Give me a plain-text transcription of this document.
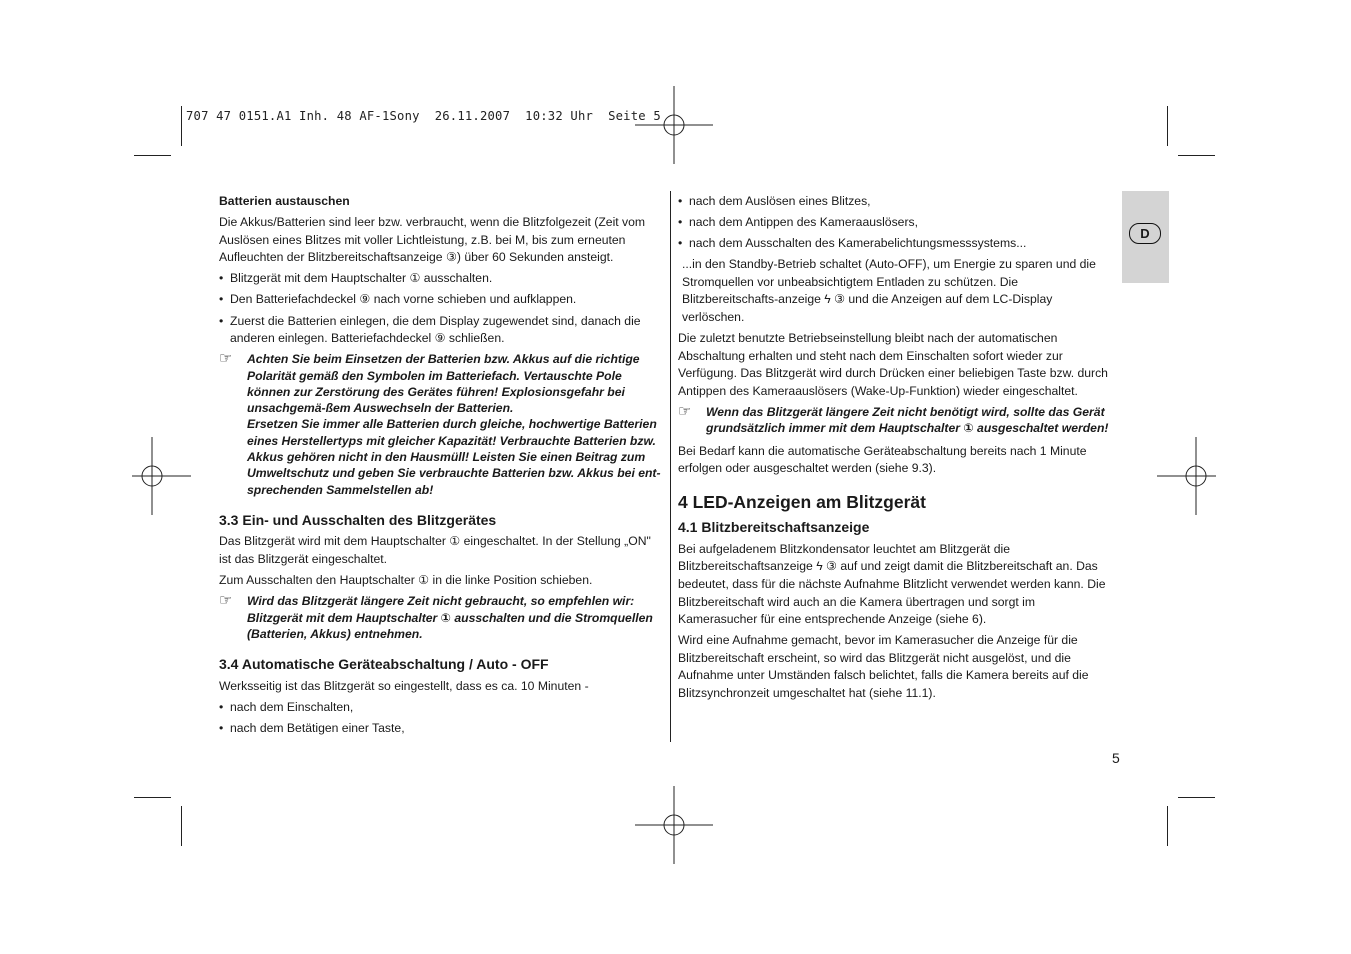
707 47 0151.A1 Inh. 48 AF-1Sony  26.11.2007  10:32 Uhr  Seite 5
D

Batterien austauschen

Die Akkus/Batterien sind leer bzw. verbraucht, wenn die Blitzfolgezeit (Zeit vom Auslösen eines Blitzes mit voller Lichtleistung, z.B. bei M, bis zum erneuten Aufleuchten der Blitzbereitschaftsanzeige ③) über 60 Sekunden ansteigt.

• Blitzgerät mit dem Hauptschalter ① ausschalten.
• Den Batteriefachdeckel ⑨ nach vorne schieben und aufklappen.
• Zuerst die Batterien einlegen, die dem Display zugewendet sind, danach die anderen einlegen. Batteriefachdeckel ⑨ schließen.
☞	Achten Sie beim Einsetzen der Batterien bzw. Akkus auf die richtige Polarität gemäß den Symbolen im Batteriefach. Vertauschte Pole können zur Zerstörung des Gerätes führen! Explosionsgefahr bei unsachgemä-ßem Auswechseln der Batterien.

Ersetzen Sie immer alle Batterien durch gleiche, hochwertige Batterien eines Herstellertyps mit gleicher Kapazität! Verbrauchte Batterien bzw. Akkus gehören nicht in den Hausmüll! Leisten Sie einen Beitrag zum Umweltschutz und geben Sie verbrauchte Batterien bzw. Akkus bei ent-sprechenden Sammelstellen ab!

3.3 Ein- und Ausschalten des Blitzgerätes

Das Blitzgerät wird mit dem Hauptschalter ① eingeschaltet. In der Stellung „ON" ist das Blitzgerät eingeschaltet.

Zum Ausschalten den Hauptschalter ① in die linke Position schieben.

☞	Wird das Blitzgerät längere Zeit nicht gebraucht, so empfehlen wir: Blitzgerät mit dem Hauptschalter ① ausschalten und die Stromquellen (Batterien, Akkus) entnehmen.

3.4 Automatische Geräteabschaltung / Auto - OFF

Werksseitig ist das Blitzgerät so eingestellt, dass es ca. 10 Minuten -

• nach dem Einschalten,
• nach dem Betätigen einer Taste,
• nach dem Auslösen eines Blitzes,
• nach dem Antippen des Kameraauslösers,
• nach dem Ausschalten des Kamerabelichtungsmesssystems...

...in den Standby-Betrieb schaltet (Auto-OFF), um Energie zu sparen und die Stromquellen vor unbeabsichtigtem Entladen zu schützen. Die Blitzbereitschafts-anzeige ϟ ③ und die Anzeigen auf dem LC-Display verlöschen.

Die zuletzt benutzte Betriebseinstellung bleibt nach der automatischen Abschaltung erhalten und steht nach dem Einschalten sofort wieder zur Verfügung. Das Blitzgerät wird durch Drücken einer beliebigen Taste bzw. durch Antippen des Kameraauslösers (Wake-Up-Funktion) wieder eingeschaltet.

☞	Wenn das Blitzgerät längere Zeit nicht benötigt wird, sollte das Gerät grundsätzlich immer mit dem Hauptschalter ① ausgeschaltet werden!

Bei Bedarf kann die automatische Geräteabschaltung bereits nach 1 Minute erfolgen oder ausgeschaltet werden (siehe 9.3).

4 LED-Anzeigen am Blitzgerät

4.1 Blitzbereitschaftsanzeige

Bei aufgeladenem Blitzkondensator leuchtet am Blitzgerät die Blitzbereitschaftsanzeige ϟ ③ auf und zeigt damit die Blitzbereitschaft an. Das bedeutet, dass für die nächste Aufnahme Blitzlicht verwendet werden kann. Die Blitzbereitschaft wird auch an die Kamera übertragen und sorgt im Kamerasucher für eine entsprechende Anzeige (siehe 6).

Wird eine Aufnahme gemacht, bevor im Kamerasucher die Anzeige für die Blitzbereitschaft erscheint, so wird das Blitzgerät nicht ausgelöst, und die Aufnahme unter Umständen falsch belichtet, falls die Kamera bereits auf die Blitzsynchronzeit umgeschaltet hat (siehe 11.1).

5
